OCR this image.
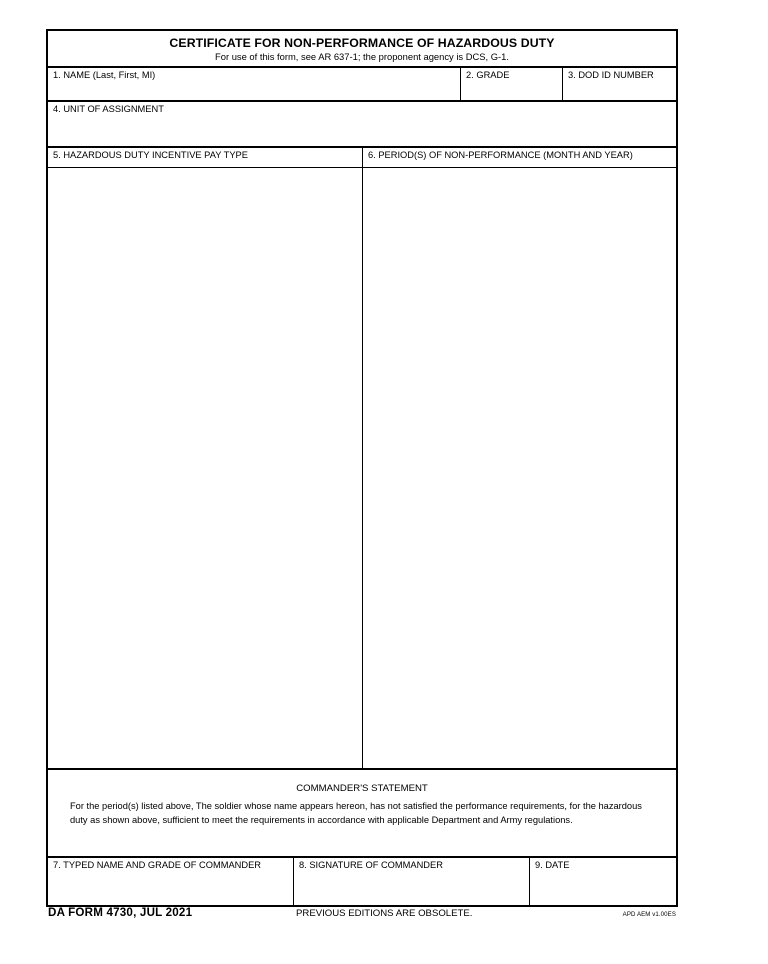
CERTIFICATE FOR NON-PERFORMANCE OF HAZARDOUS DUTY
For use of this form, see AR 637-1; the proponent agency is DCS, G-1.
1. NAME (Last, First, MI)	2. GRADE	3. DOD ID NUMBER
4. UNIT OF ASSIGNMENT
5. HAZARDOUS DUTY INCENTIVE PAY TYPE	6. PERIOD(S) OF NON-PERFORMANCE (MONTH AND YEAR)
COMMANDER'S STATEMENT
For the period(s) listed above, The soldier whose name appears hereon, has not satisfied the performance requirements, for the hazardous duty as shown above, sufficient to meet the requirements in accordance with applicable Department and Army regulations.
7. TYPED NAME AND GRADE OF COMMANDER	8. SIGNATURE OF COMMANDER	9. DATE
DA FORM 4730, JUL 2021	PREVIOUS EDITIONS ARE OBSOLETE.	APD AEM v1.00ES
